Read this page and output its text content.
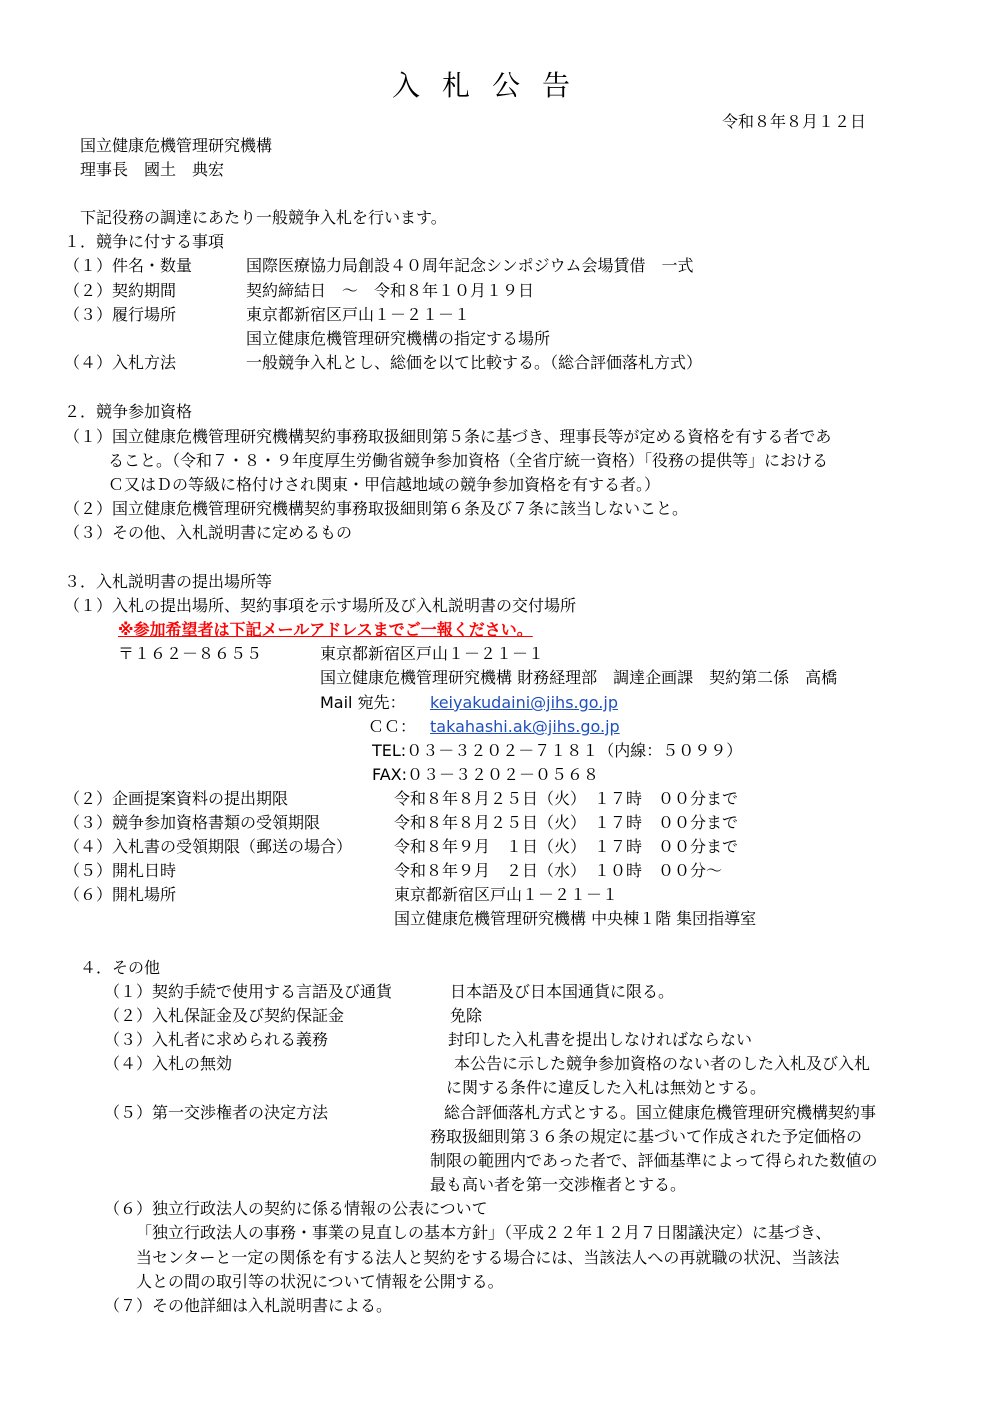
入札公告
令和８年８月１２日
国立健康危機管理研究機構
理事長　國土　典宏
下記役務の調達にあたり一般競争入札を行います。
１．競争に付する事項
（１）件名・数量	国際医療協力局創設４０周年記念シンポジウム会場賃借　一式
（２）契約期間	契約締結日　～　令和８年１０月１９日
（３）履行場所	東京都新宿区戸山１－２１－１
国立健康危機管理研究機構の指定する場所
（４）入札方法	一般競争入札とし、総価を以て比較する。（総合評価落札方式）
２．競争参加資格
（１）国立健康危機管理研究機構契約事務取扱細則第５条に基づき、理事長等が定める資格を有する者であ
ること。（令和７・８・９年度厚生労働省競争参加資格（全省庁統一資格）「役務の提供等」における
Ｃ又はＤの等級に格付けされ関東・甲信越地域の競争参加資格を有する者。）
（２）国立健康危機管理研究機構契約事務取扱細則第６条及び７条に該当しないこと。
（３）その他、入札説明書に定めるもの
３．入札説明書の提出場所等
（１）入札の提出場所、契約事項を示す場所及び入札説明書の交付場所
※参加希望者は下記メールアドレスまでご一報ください。
〒１６２－８６５５	東京都新宿区戸山１－２１－１
国立健康危機管理研究機構 財務経理部　調達企画課　契約第二係　高橋
Mail 宛先： keiyakudaini@jihs.go.jp
ＣＣ： takahashi.ak@jihs.go.jp
TEL:０３－３２０２－７１８１（内線：５０９９）
FAX:０３－３２０２－０５６８
（２）企画提案資料の提出期限	令和８年８月２５日（火）　１７時　００分まで
（３）競争参加資格書類の受領期限	令和８年８月２５日（火）　１７時　００分まで
（４）入札書の受領期限（郵送の場合）	令和８年９月　１日（火）　１７時　００分まで
（５）開札日時	令和８年９月　２日（水）　１０時　００分～
（６）開札場所	東京都新宿区戸山１－２１－１
国立健康危機管理研究機構 中央棟１階 集団指導室
４．その他
（１）契約手続で使用する言語及び通貨	日本語及び日本国通貨に限る。
（２）入札保証金及び契約保証金	免除
（３）入札者に求められる義務	封印した入札書を提出しなければならない
（４）入札の無効	本公告に示した競争参加資格のない者のした入札及び入札
に関する条件に違反した入札は無効とする。
（５）第一交渉権者の決定方法	総合評価落札方式とする。国立健康危機管理研究機構契約事
務取扱細則第３６条の規定に基づいて作成された予定価格の
制限の範囲内であった者で、評価基準によって得られた数値の
最も高い者を第一交渉権者とする。
（６）独立行政法人の契約に係る情報の公表について
「独立行政法人の事務・事業の見直しの基本方針」（平成２２年１２月７日閣議決定）に基づき、
当センターと一定の関係を有する法人と契約をする場合には、当該法人への再就職の状況、当該法
人との間の取引等の状況について情報を公開する。
（７）その他詳細は入札説明書による。
